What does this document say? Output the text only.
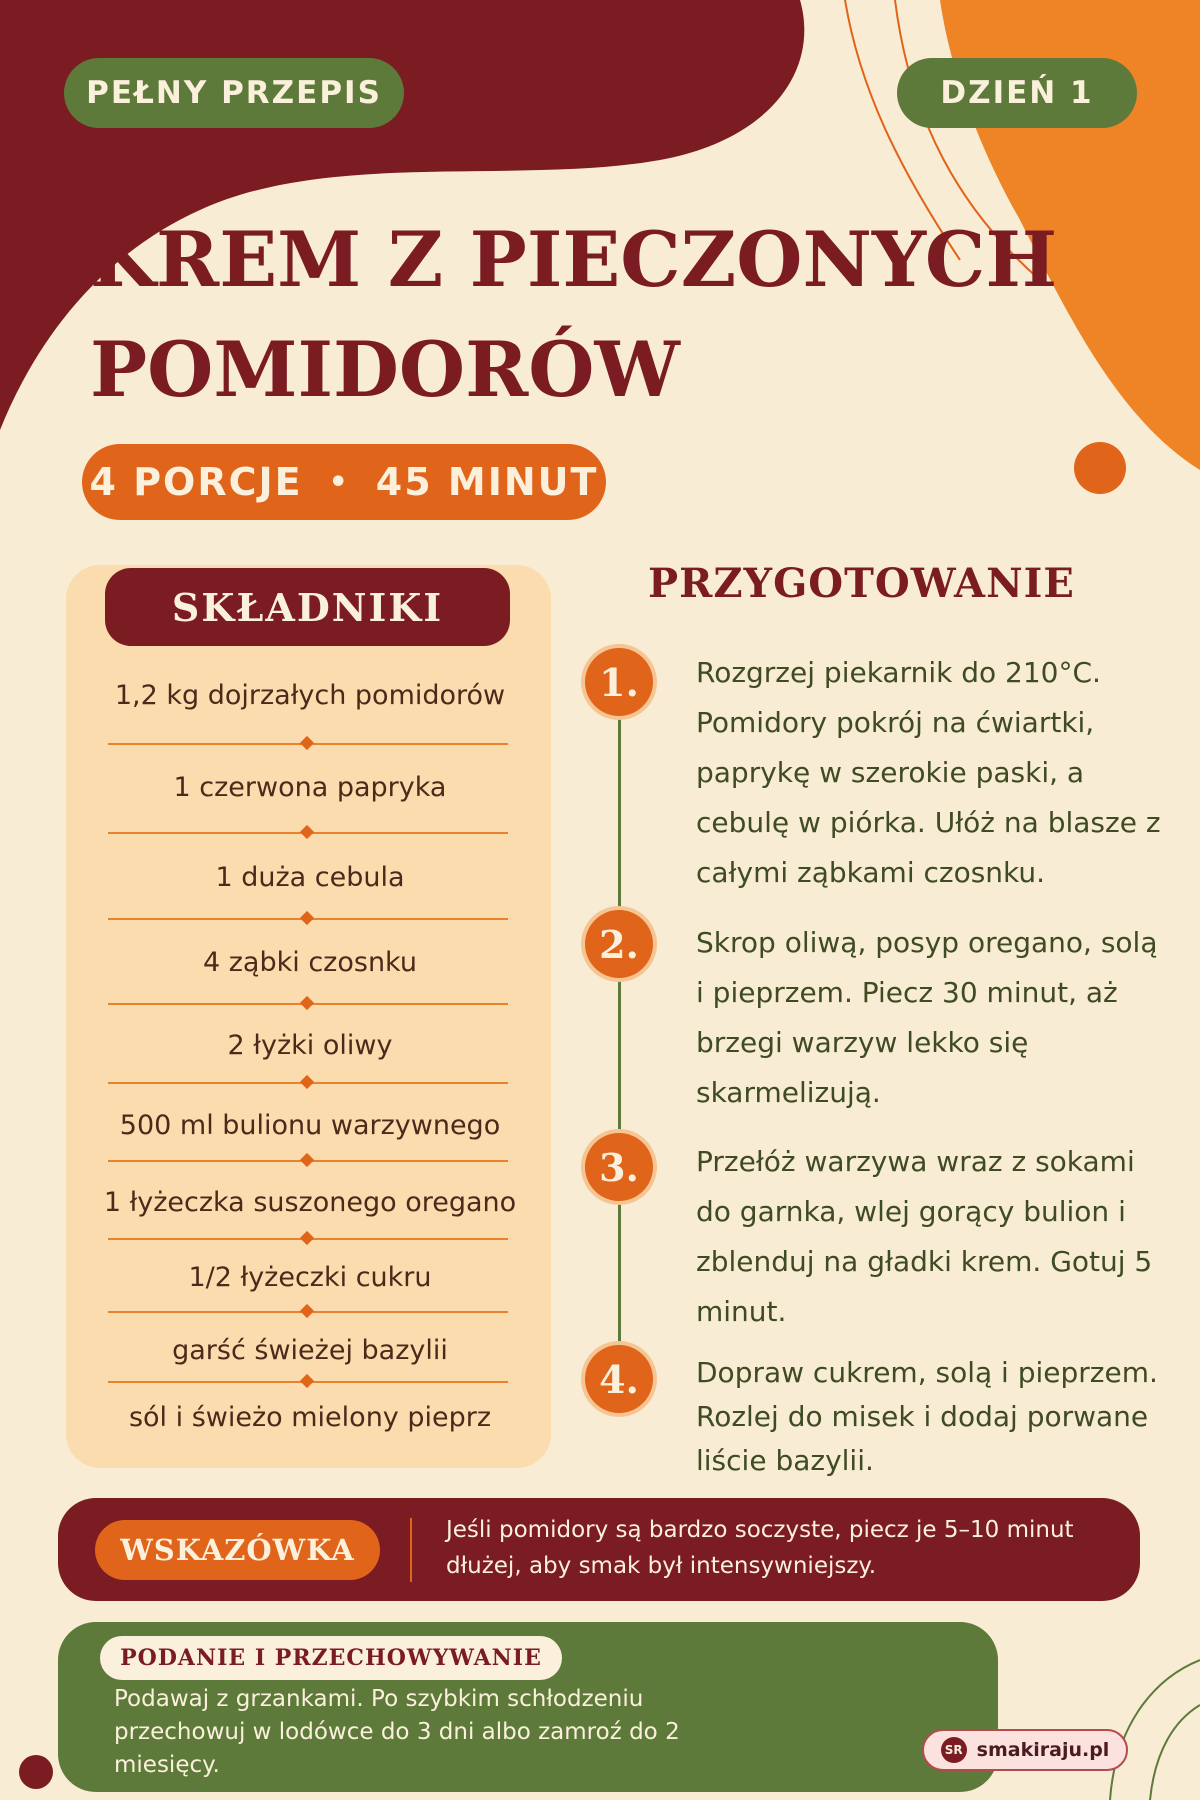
PEŁNY PRZEPIS	DZIEŃ 1
KREM Z PIECZONYCH
POMIDORÓW
4 PORCJE • 45 MINUT
SKŁADNIKI
1,2 kg dojrzałych pomidorów
1 czerwona papryka
1 duża cebula
4 ząbki czosnku
2 łyżki oliwy
500 ml bulionu warzywnego
1 łyżeczka suszonego oregano
1/2 łyżeczki cukru
garść świeżej bazylii
sól i świeżo mielony pieprz
PRZYGOTOWANIE
1.	Rozgrzej piekarnik do 210°C. Pomidory pokrój na ćwiartki, paprykę w szerokie paski, a cebulę w piórka. Ułóż na blasze z całymi ząbkami czosnku.
2.	Skrop oliwą, posyp oregano, solą i pieprzem. Piecz 30 minut, aż brzegi warzyw lekko się skarmelizują.
3.	Przełóż warzywa wraz z sokami do garnka, wlej gorący bulion i zblenduj na gładki krem. Gotuj 5 minut.
4.	Dopraw cukrem, solą i pieprzem. Rozlej do misek i dodaj porwane liście bazylii.
WSKAZÓWKA
Jeśli pomidory są bardzo soczyste, piecz je 5–10 minut dłużej, aby smak był intensywniejszy.
PODANIE I PRZECHOWYWANIE
Podawaj z grzankami. Po szybkim schłodzeniu przechowuj w lodówce do 3 dni albo zamroź do 2 miesięcy.
SR smakiraju.pl
